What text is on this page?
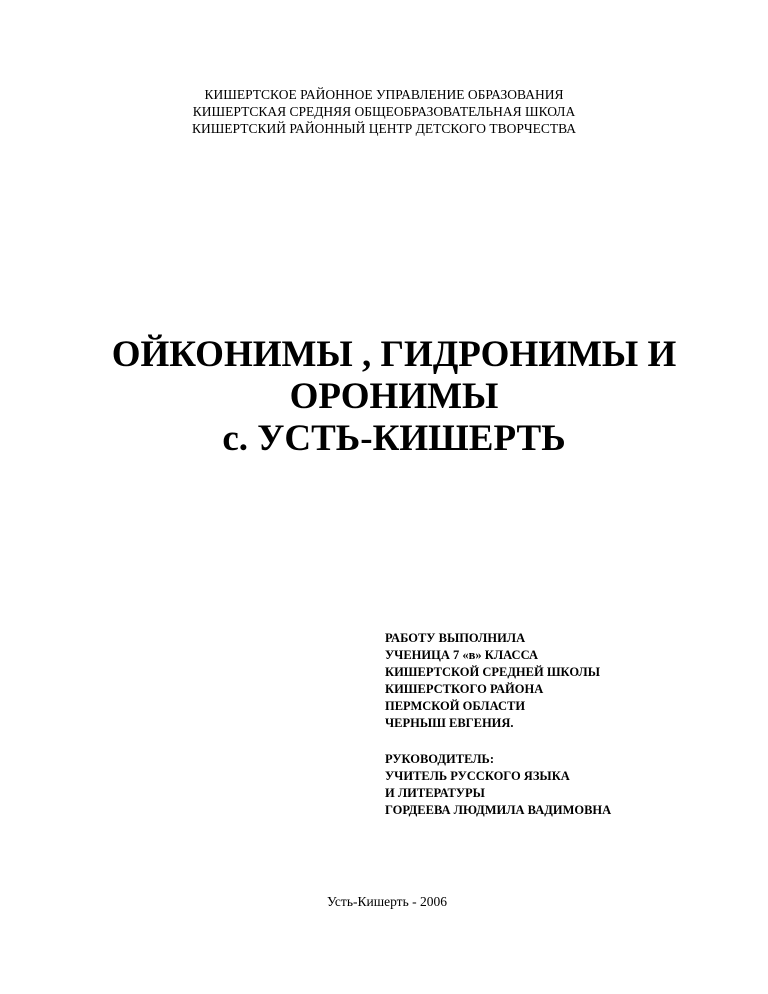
КИШЕРТСКОЕ РАЙОННОЕ УПРАВЛЕНИЕ ОБРАЗОВАНИЯ
КИШЕРТСКАЯ СРЕДНЯЯ ОБЩЕОБРАЗОВАТЕЛЬНАЯ ШКОЛА
КИШЕРТСКИЙ РАЙОННЫЙ ЦЕНТР ДЕТСКОГО ТВОРЧЕСТВА
ОЙКОНИМЫ , ГИДРОНИМЫ И
ОРОНИМЫ
с. УСТЬ-КИШЕРТЬ
РАБОТУ ВЫПОЛНИЛА
УЧЕНИЦА 7 «в» КЛАССА
КИШЕРТСКОЙ СРЕДНЕЙ ШКОЛЫ
КИШЕРСТКОГО РАЙОНА
ПЕРМСКОЙ ОБЛАСТИ
ЧЕРНЫШ ЕВГЕНИЯ.
РУКОВОДИТЕЛЬ:
УЧИТЕЛЬ РУССКОГО ЯЗЫКА
И ЛИТЕРАТУРЫ
ГОРДЕЕВА ЛЮДМИЛА ВАДИМОВНА
Усть-Кишерть - 2006
